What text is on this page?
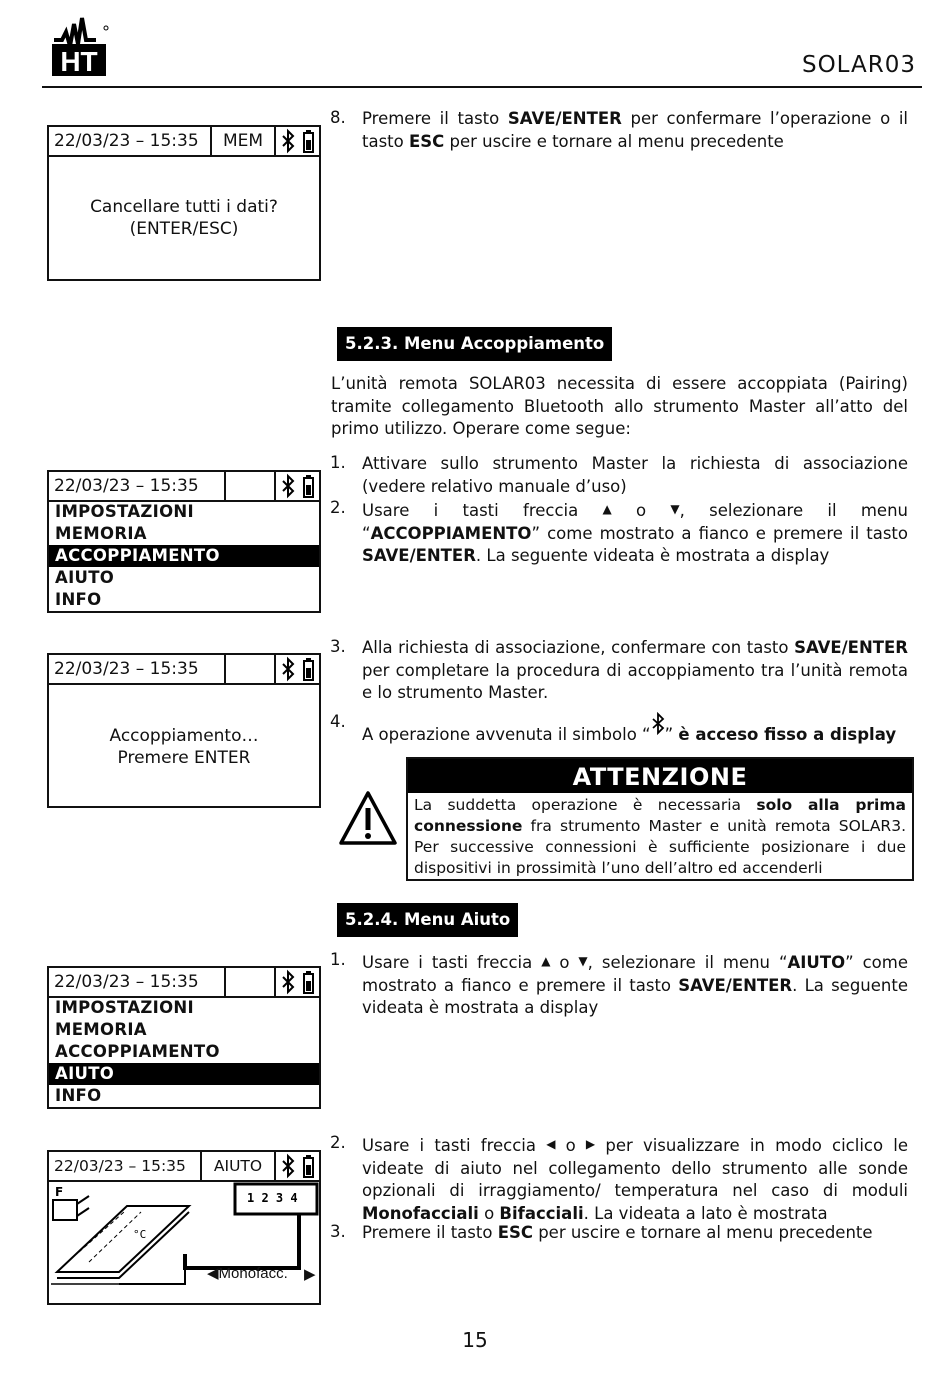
HT	SOLAR03
22/03/23 – 15:35	MEM
Cancellare tutti i dati?
(ENTER/ESC)
8. Premere il tasto SAVE/ENTER per confermare l’operazione o il tasto ESC per uscire e tornare al menu precedente
5.2.3. Menu Accoppiamento
L’unità remota SOLAR03 necessita di essere accoppiata (Pairing) tramite collegamento Bluetooth allo strumento Master all’atto del primo utilizzo. Operare come segue:
1. Attivare sullo strumento Master la richiesta di associazione (vedere relativo manuale d’uso)
2. Usare i tasti freccia ▲ o ▼, selezionare il menu “ACCOPPIAMENTO” come mostrato a fianco e premere il tasto SAVE/ENTER. La seguente videata è mostrata a display
22/03/23 – 15:35
IMPOSTAZIONI
MEMORIA
ACCOPPIAMENTO
AIUTO
INFO
22/03/23 – 15:35
Accoppiamento…
Premere ENTER
3. Alla richiesta di associazione, confermare con tasto SAVE/ENTER per completare la procedura di accoppiamento tra l’unità remota e lo strumento Master.
4.
A operazione avvenuta il simbolo “ ” è acceso fisso a display
ATTENZIONE
La suddetta operazione è necessaria solo alla prima connessione fra strumento Master e unità remota SOLAR3. Per successive connessioni è sufficiente posizionare i due dispositivi in prossimità l’uno dell’altro ed accenderli
5.2.4. Menu Aiuto
1. Usare i tasti freccia ▲ o ▼, selezionare il menu “AIUTO” come mostrato a fianco e premere il tasto SAVE/ENTER. La seguente videata è mostrata a display
22/03/23 – 15:35
IMPOSTAZIONI
MEMORIA
ACCOPPIAMENTO
AIUTO
INFO
2. Usare i tasti freccia ◀ o ▶ per visualizzare in modo ciclico le videate di aiuto nel collegamento dello strumento alle sonde opzionali di irraggiamento/ temperatura nel caso di moduli Monofacciali o Bifacciali. La videata a lato è mostrata
3. Premere il tasto ESC per uscire e tornare al menu precedente
22/03/23 – 15:35	AIUTO
°C
F	1 2 3 4
◀Monofacc. ▶
15
